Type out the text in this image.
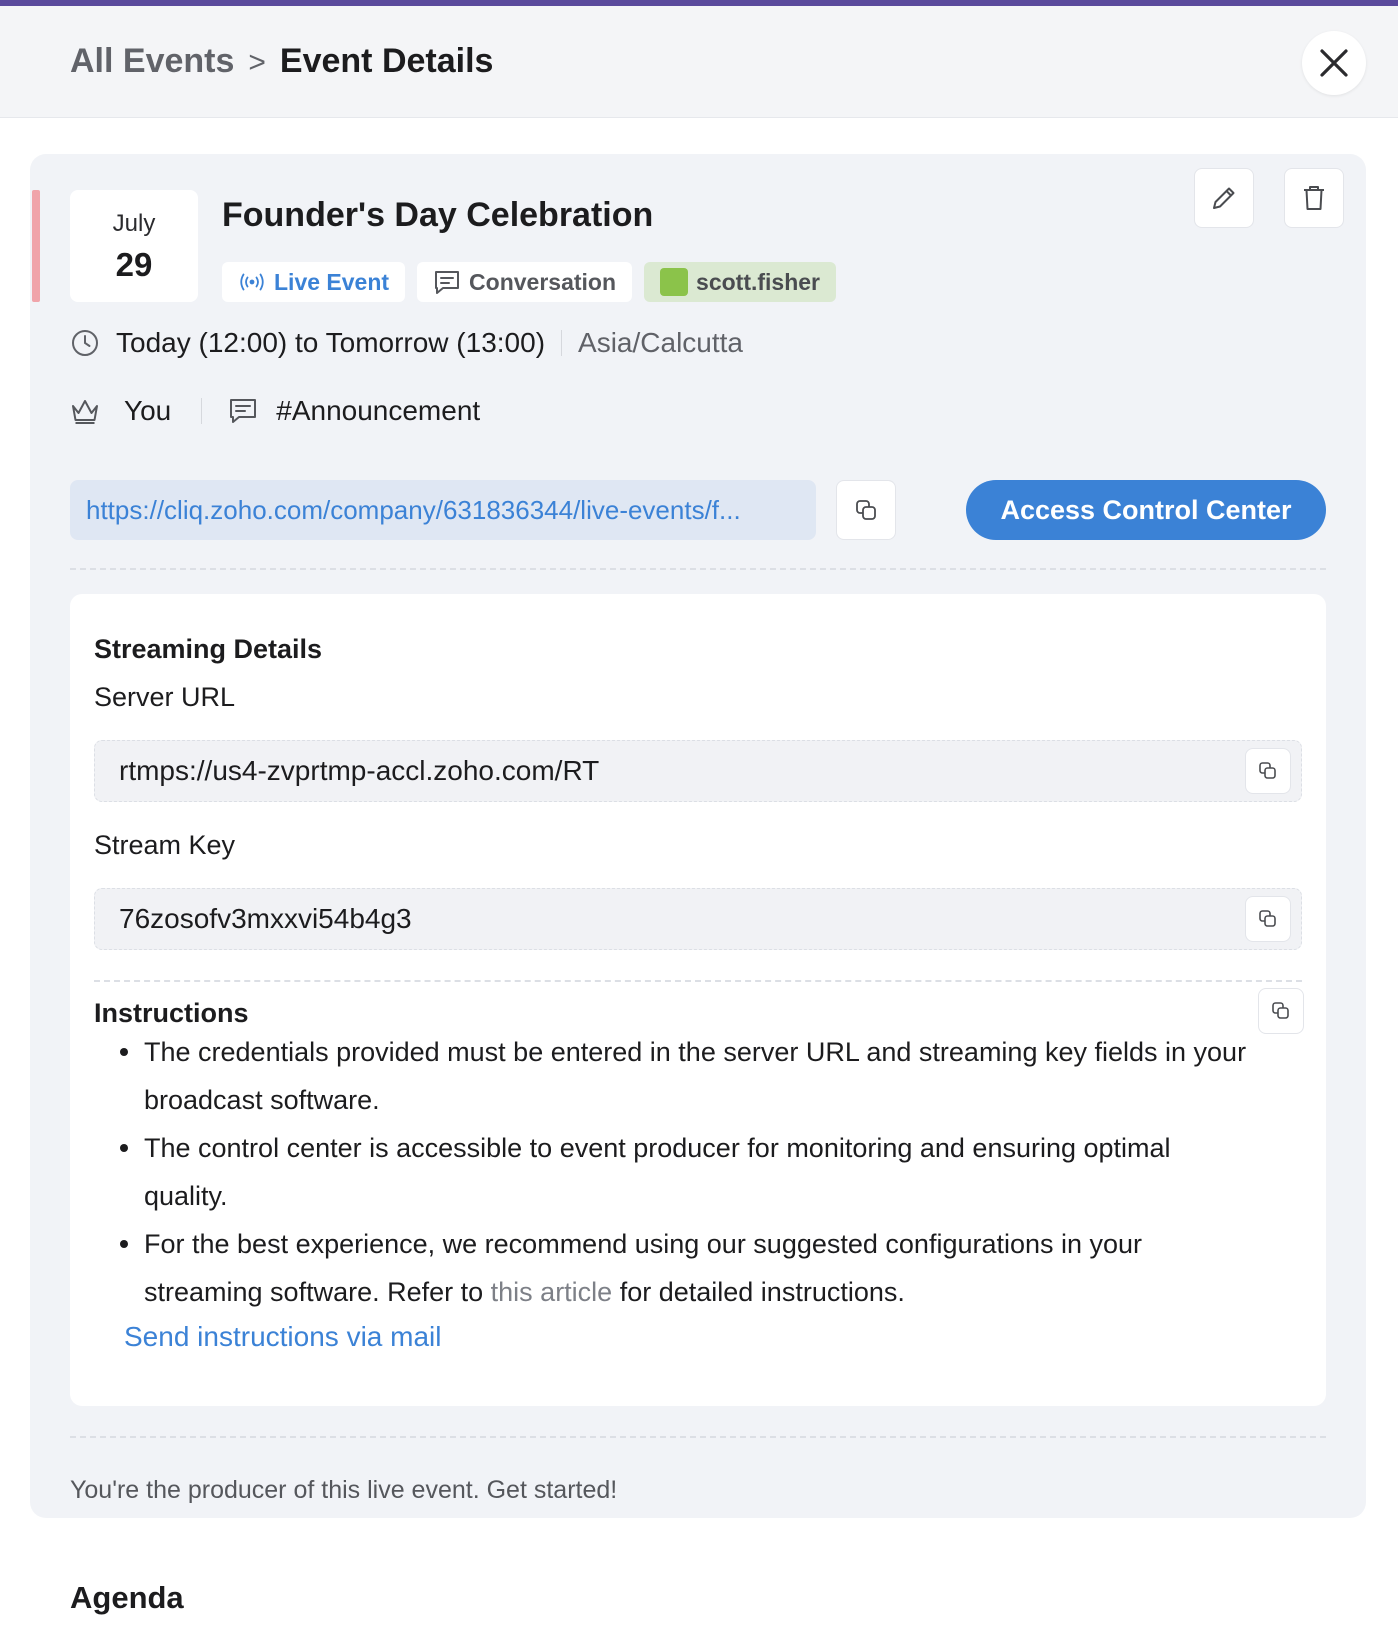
All Events > Event Details
July
29
Founder's Day Celebration
Live Event	Conversation	scott.fisher
Today (12:00) to Tomorrow (13:00) Asia/Calcutta
You	#Announcement
https://cliq.zoho.com/company/631836344/live-events/f...	Access Control Center
Streaming Details
Server URL
rtmps://us4-zvprtmp-accl.zoho.com/RT
Stream Key
76zosofv3mxxvi54b4g3
Instructions
The credentials provided must be entered in the server URL and streaming key fields in your broadcast software.
The control center is accessible to event producer for monitoring and ensuring optimal quality.
For the best experience, we recommend using our suggested configurations in your streaming software. Refer to this article for detailed instructions.
Send instructions via mail
You're the producer of this live event. Get started!
Agenda
